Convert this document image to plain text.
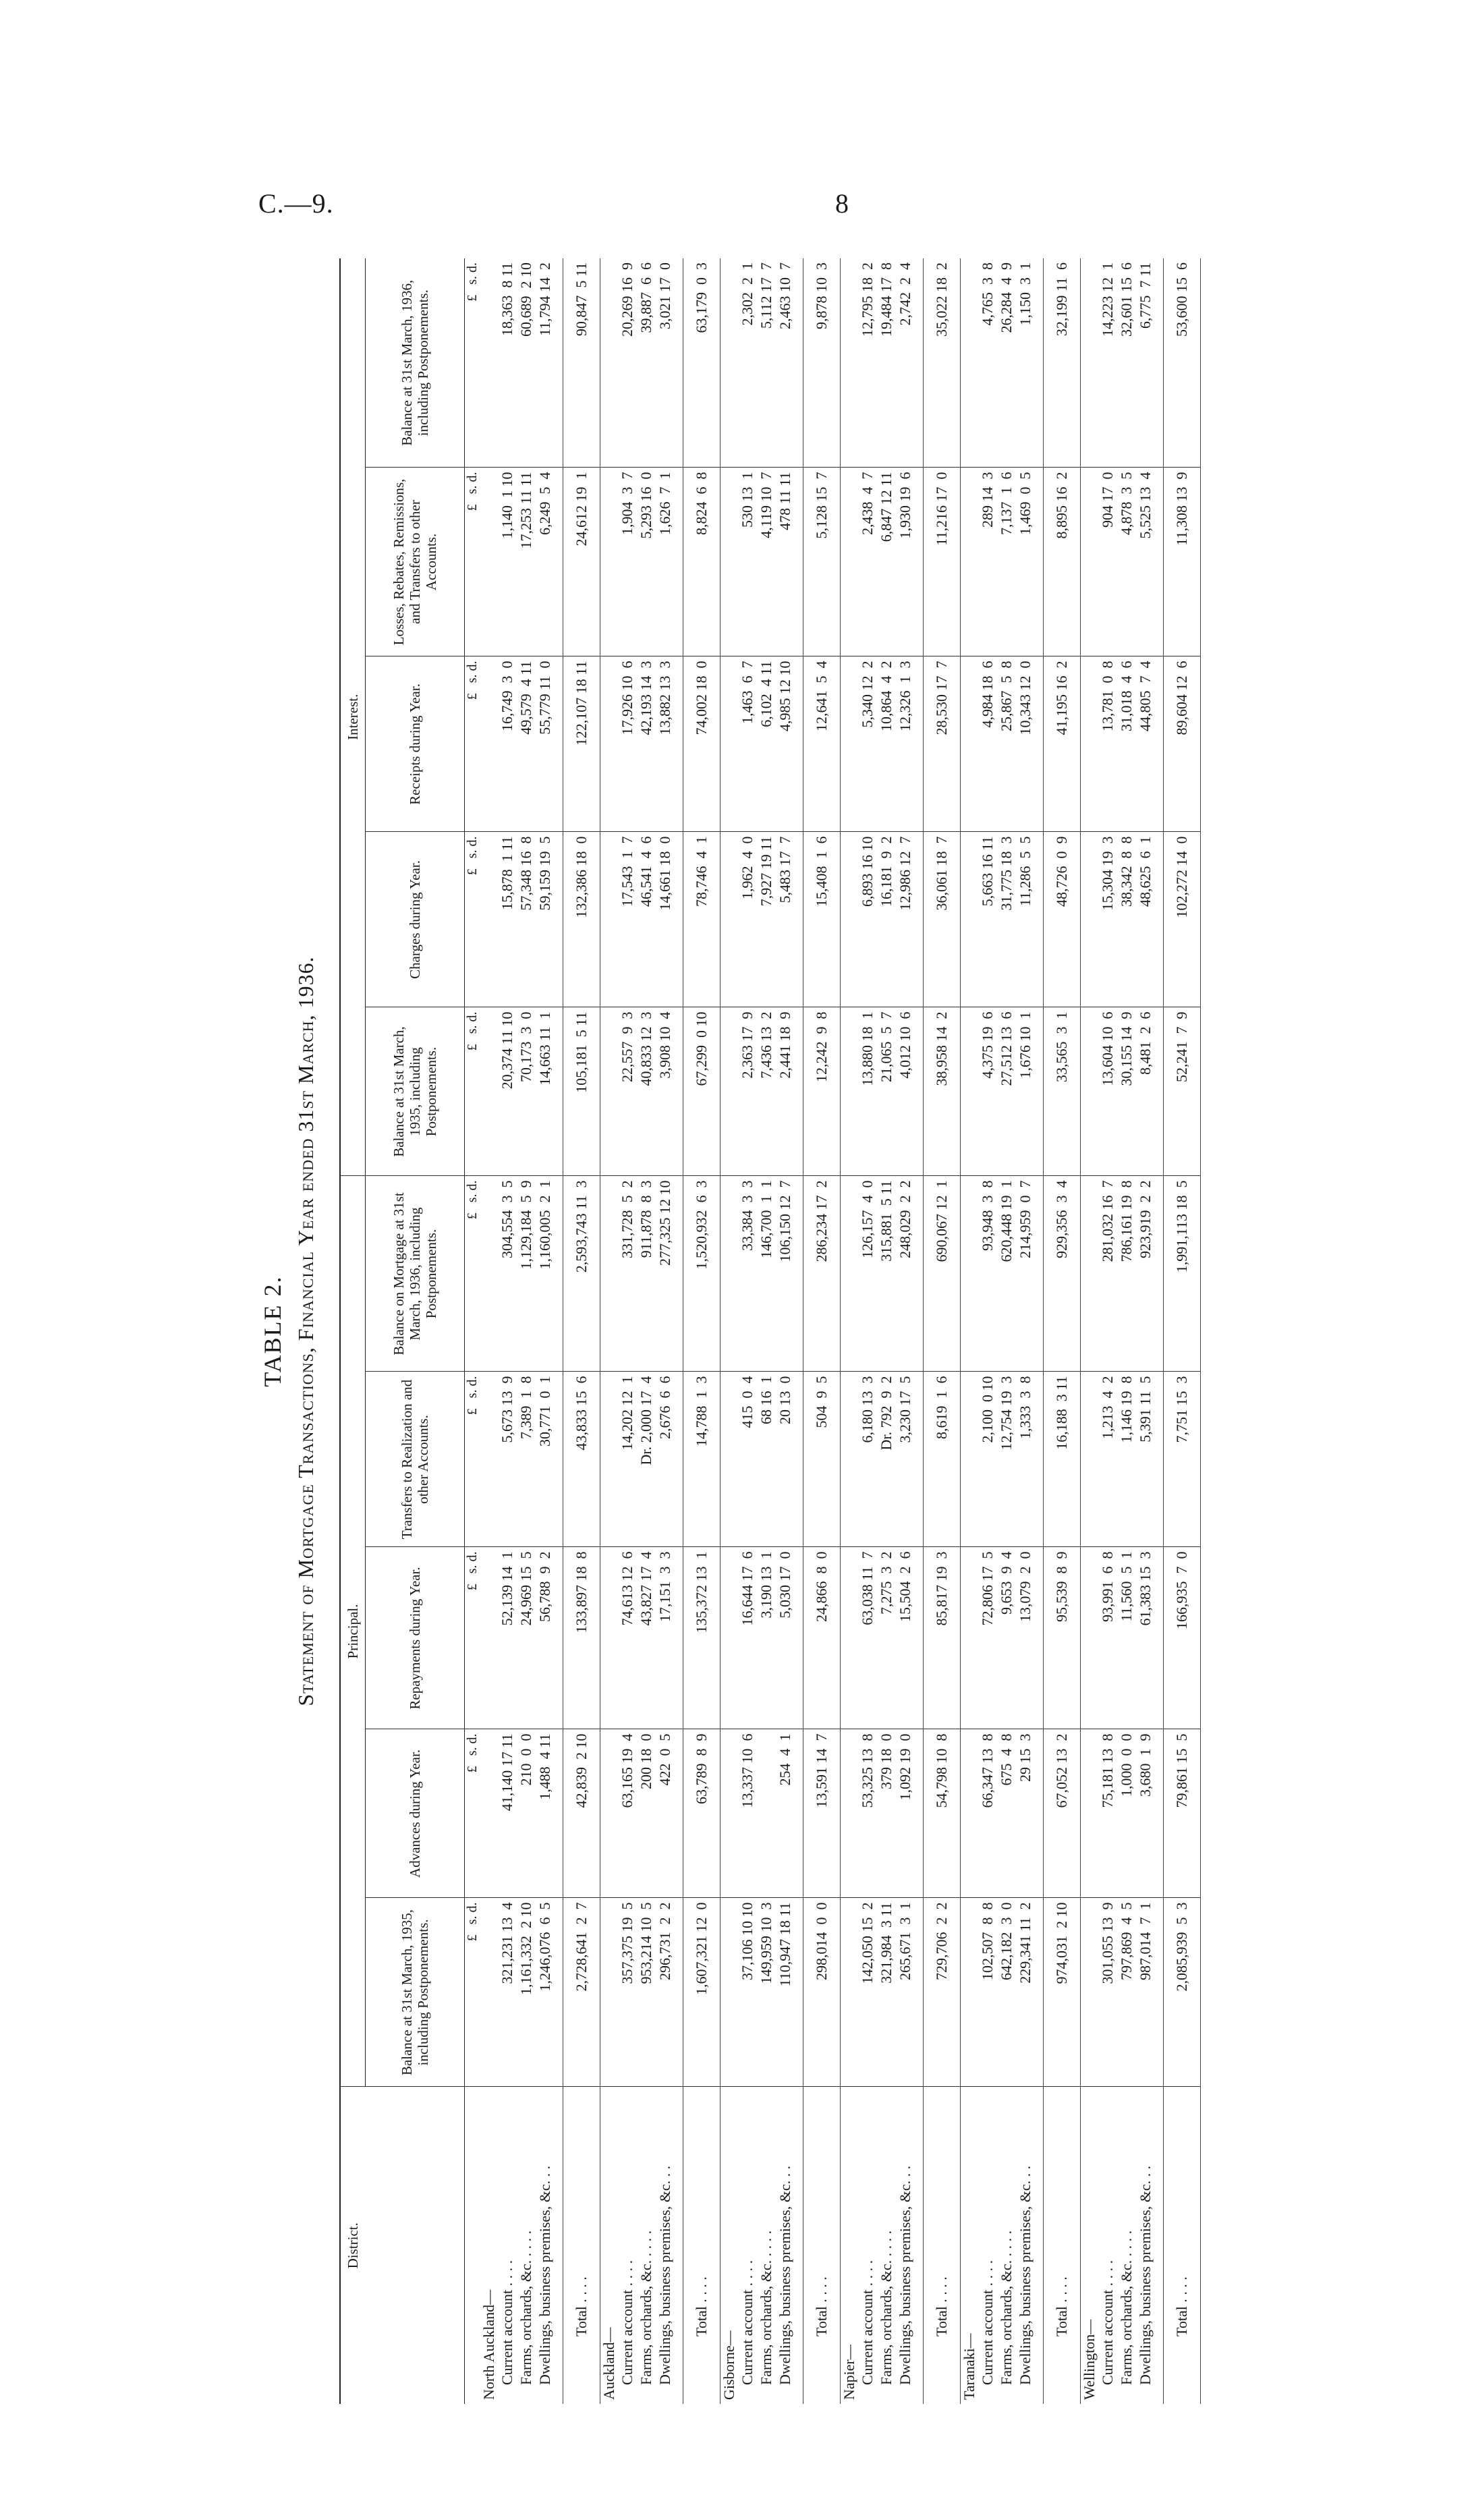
C.—9.	8
TABLE 2. Statement of Mortgage Transactions, Financial Year ended 31st March, 1936.
District.	Principal.					Interest.				
	Balance at 31st March, 1935, including Postponements.	Advances during Year.	Repayments during Year.	Transfers to Realization and other Accounts.	Balance on Mortgage at 31st March, 1936, including Postponements.	Balance at 31st March, 1935, including Postponements.	Charges during Year.	Receipts during Year.	Losses, Rebates, Remissions, and Transfers to other Accounts.	Balance at 31st March, 1936, including Postponements.
	£   s. d.	£   s. d.	£   s. d.	£   s. d.	£   s. d.	£   s. d.	£   s. d.	£   s. d.	£   s. d.	£   s. d.
North Auckland—										
Current account . . . .	321,231 13  4	41,140 17 11	52,139 14  1	5,673 13  9	304,554  3  5	20,374 11 10	15,878  1 11	16,749  3  0	1,140  1 10	18,363  8 11
Farms, orchards, &c. . . . .	1,161,332  2 10	210  0  0	24,969 15  5	7,389  1  8	1,129,184  5  9	70,173  3  0	57,348 16  8	49,579  4 11	17,253 11 11	60,689  2 10
Dwellings, business premises, &c. . .	1,246,076  6  5	1,488  4 11	56,788  9  2	30,771  0  1	1,160,005  2  1	14,663 11  1	59,159 19  5	55,779 11  0	6,249  5  4	11,794 14  2

Total . . . .	2,728,641  2  7	42,839  2 10	133,897 18  8	43,833 15  6	2,593,743 11  3	105,181  5 11	132,386 18  0	122,107 18 11	24,612 19  1	90,847  5 11
Auckland—										
Current account . . . .	357,375 19  5	63,165 19  4	74,613 12  6	14,202 12  1	331,728  5  2	22,557  9  3	17,543  1  7	17,926 10  6	1,904  3  7	20,269 16  9
Farms, orchards, &c. . . . .	953,214 10  5	200 18  0	43,827 17  4	Dr. 2,000 17  4	911,878  8  3	40,833 12  3	46,541  4  6	42,193 14  3	5,293 16  0	39,887  6  6
Dwellings, business premises, &c. . .	296,731  2  2	422  0  5	17,151  3  3	2,676  6  6	277,325 12 10	3,908 10  4	14,661 18  0	13,882 13  3	1,626  7  1	3,021 17  0

Total . . . .	1,607,321 12  0	63,789  8  9	135,372 13  1	14,788  1  3	1,520,932  6  3	67,299  0 10	78,746  4  1	74,002 18  0	8,824  6  8	63,179  0  3
Gisborne—										
Current account . . . .	37,106 10 10	13,337 10  6	16,644 17  6	415  0  4	33,384  3  3	2,363 17  9	1,962  4  0	1,463  6  7	530 13  1	2,302  2  1
Farms, orchards, &c. . . . .	149,959 10  3		3,190 13  1	68 16  1	146,700  1  1	7,436 13  2	7,927 19 11	6,102  4 11	4,119 10  7	5,112 17  7
Dwellings, business premises, &c. . .	110,947 18 11	254  4  1	5,030 17  0	20 13  0	106,150 12  7	2,441 18  9	5,483 17  7	4,985 12 10	478 11 11	2,463 10  7

Total . . . .	298,014  0  0	13,591 14  7	24,866  8  0	504  9  5	286,234 17  2	12,242  9  8	15,408  1  6	12,641  5  4	5,128 15  7	9,878 10  3
Napier—										
Current account . . . .	142,050 15  2	53,325 13  8	63,038 11  7	6,180 13  3	126,157  4  0	13,880 18  1	6,893 16 10	5,340 12  2	2,438  4  7	12,795 18  2
Farms, orchards, &c. . . . .	321,984  3 11	379 18  0	7,275  3  2	Dr. 792  9  2	315,881  5 11	21,065  5  7	16,181  9  2	10,864  4  2	6,847 12 11	19,484 17  8
Dwellings, business premises, &c. . .	265,671  3  1	1,092 19  0	15,504  2  6	3,230 17  5	248,029  2  2	4,012 10  6	12,986 12  7	12,326  1  3	1,930 19  6	2,742  2  4

Total . . . .	729,706  2  2	54,798 10  8	85,817 19  3	8,619  1  6	690,067 12  1	38,958 14  2	36,061 18  7	28,530 17  7	11,216 17  0	35,022 18  2
Taranaki—										
Current account . . . .	102,507  8  8	66,347 13  8	72,806 17  5	2,100  0 10	93,948  3  8	4,375 19  6	5,663 16 11	4,984 18  6	289 14  3	4,765  3  8
Farms, orchards, &c. . . . .	642,182  3  0	675  4  8	9,653  9  4	12,754 19  3	620,448 19  1	27,512 13  6	31,775 18  3	25,867  5  8	7,137  1  6	26,284  4  9
Dwellings, business premises, &c. . .	229,341 11  2	29 15  3	13,079  2  0	1,333  3  8	214,959  0  7	1,676 10  1	11,286  5  5	10,343 12  0	1,469  0  5	1,150  3  1

Total . . . .	974,031  2 10	67,052 13  2	95,539  8  9	16,188  3 11	929,356  3  4	33,565  3  1	48,726  0  9	41,195 16  2	8,895 16  2	32,199 11  6
Wellington—										
Current account . . . .	301,055 13  9	75,181 13  8	93,991  6  8	1,213  4  2	281,032 16  7	13,604 10  6	15,304 19  3	13,781  0  8	904 17  0	14,223 12  1
Farms, orchards, &c. . . . .	797,869  4  5	1,000  0  0	11,560  5  1	1,146 19  8	786,161 19  8	30,155 14  9	38,342  8  8	31,018  4  6	4,878  3  5	32,601 15  6
Dwellings, business premises, &c. . .	987,014  7  1	3,680  1  9	61,383 15  3	5,391 11  5	923,919  2  2	8,481  2  6	48,625  6  1	44,805  7  4	5,525 13  4	6,775  7 11

Total . . . .	2,085,939  5  3	79,861 15  5	166,935  7  0	7,751 15  3	1,991,113 18  5	52,241  7  9	102,272 14  0	89,604 12  6	11,308 13  9	53,600 15  6
